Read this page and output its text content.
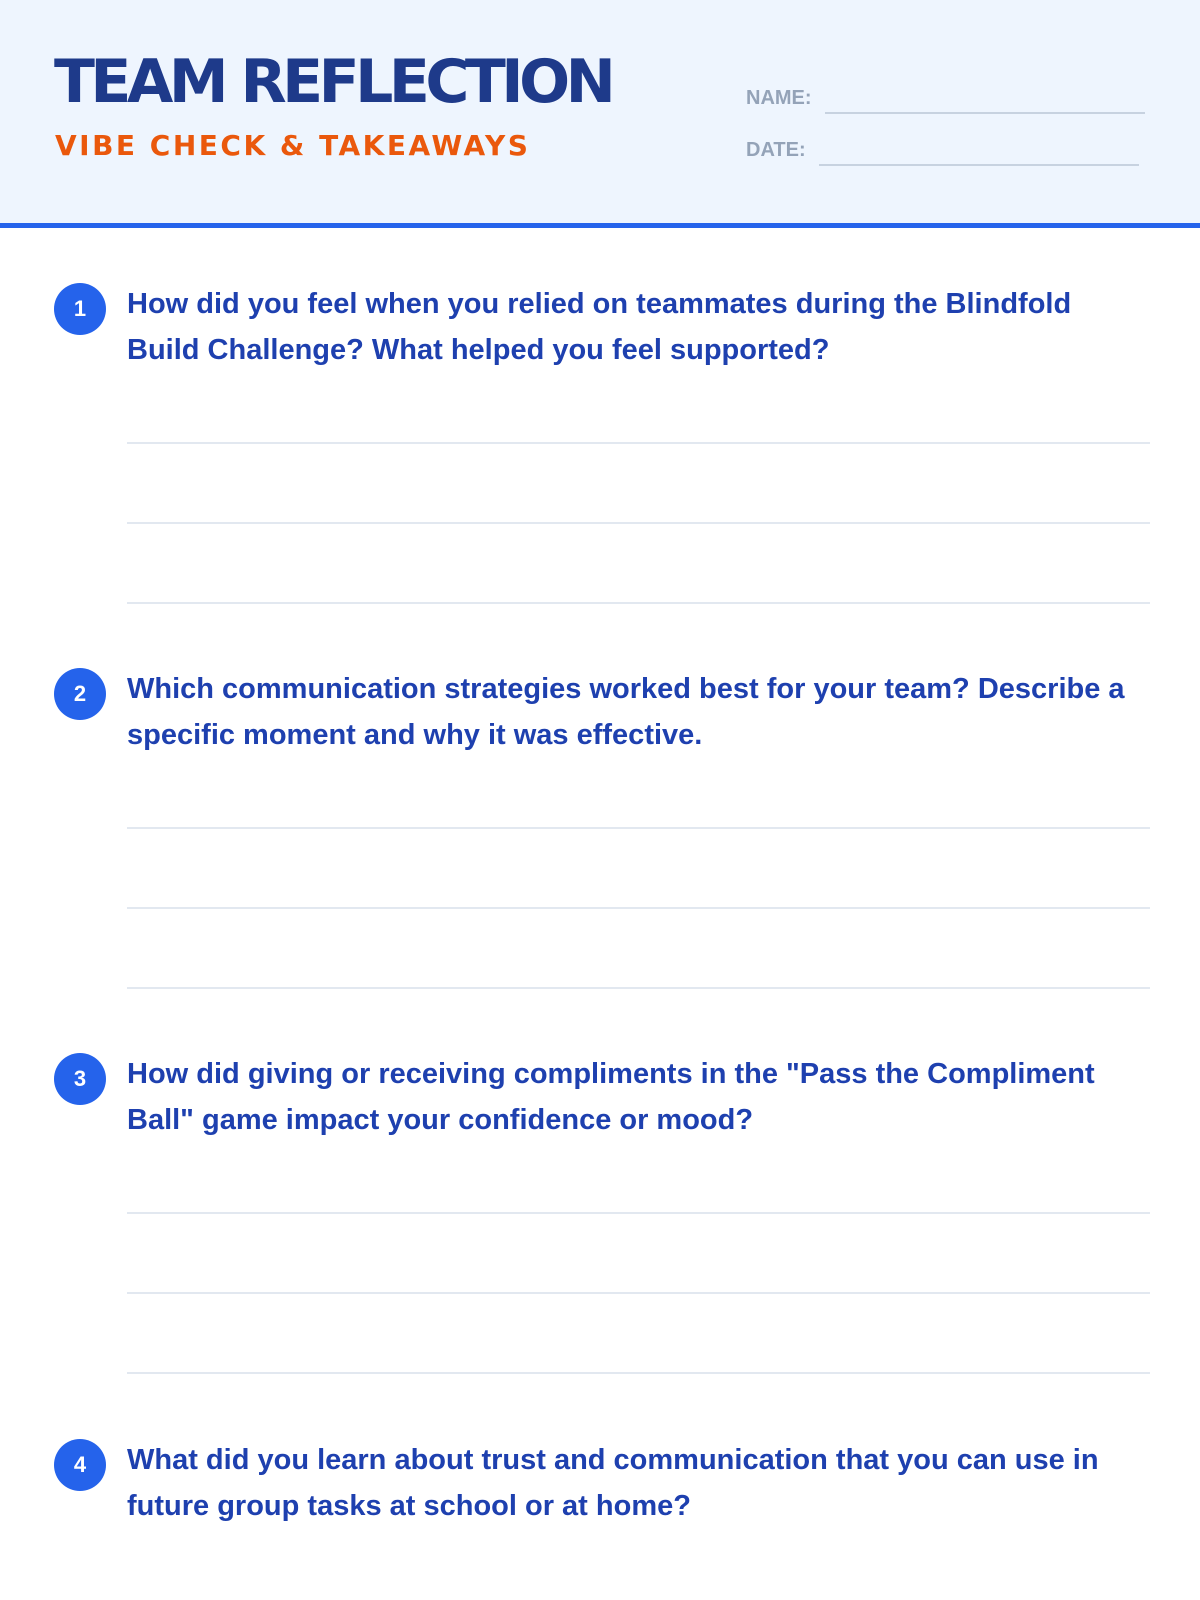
TEAM REFLECTION
VIBE CHECK & TAKEAWAYS
NAME:
DATE:
1	How did you feel when you relied on teammates during the Blindfold Build Challenge? What helped you feel supported?
2	Which communication strategies worked best for your team? Describe a specific moment and why it was effective.
3	How did giving or receiving compliments in the "Pass the Compliment Ball" game impact your confidence or mood?
4	What did you learn about trust and communication that you can use in future group tasks at school or at home?
